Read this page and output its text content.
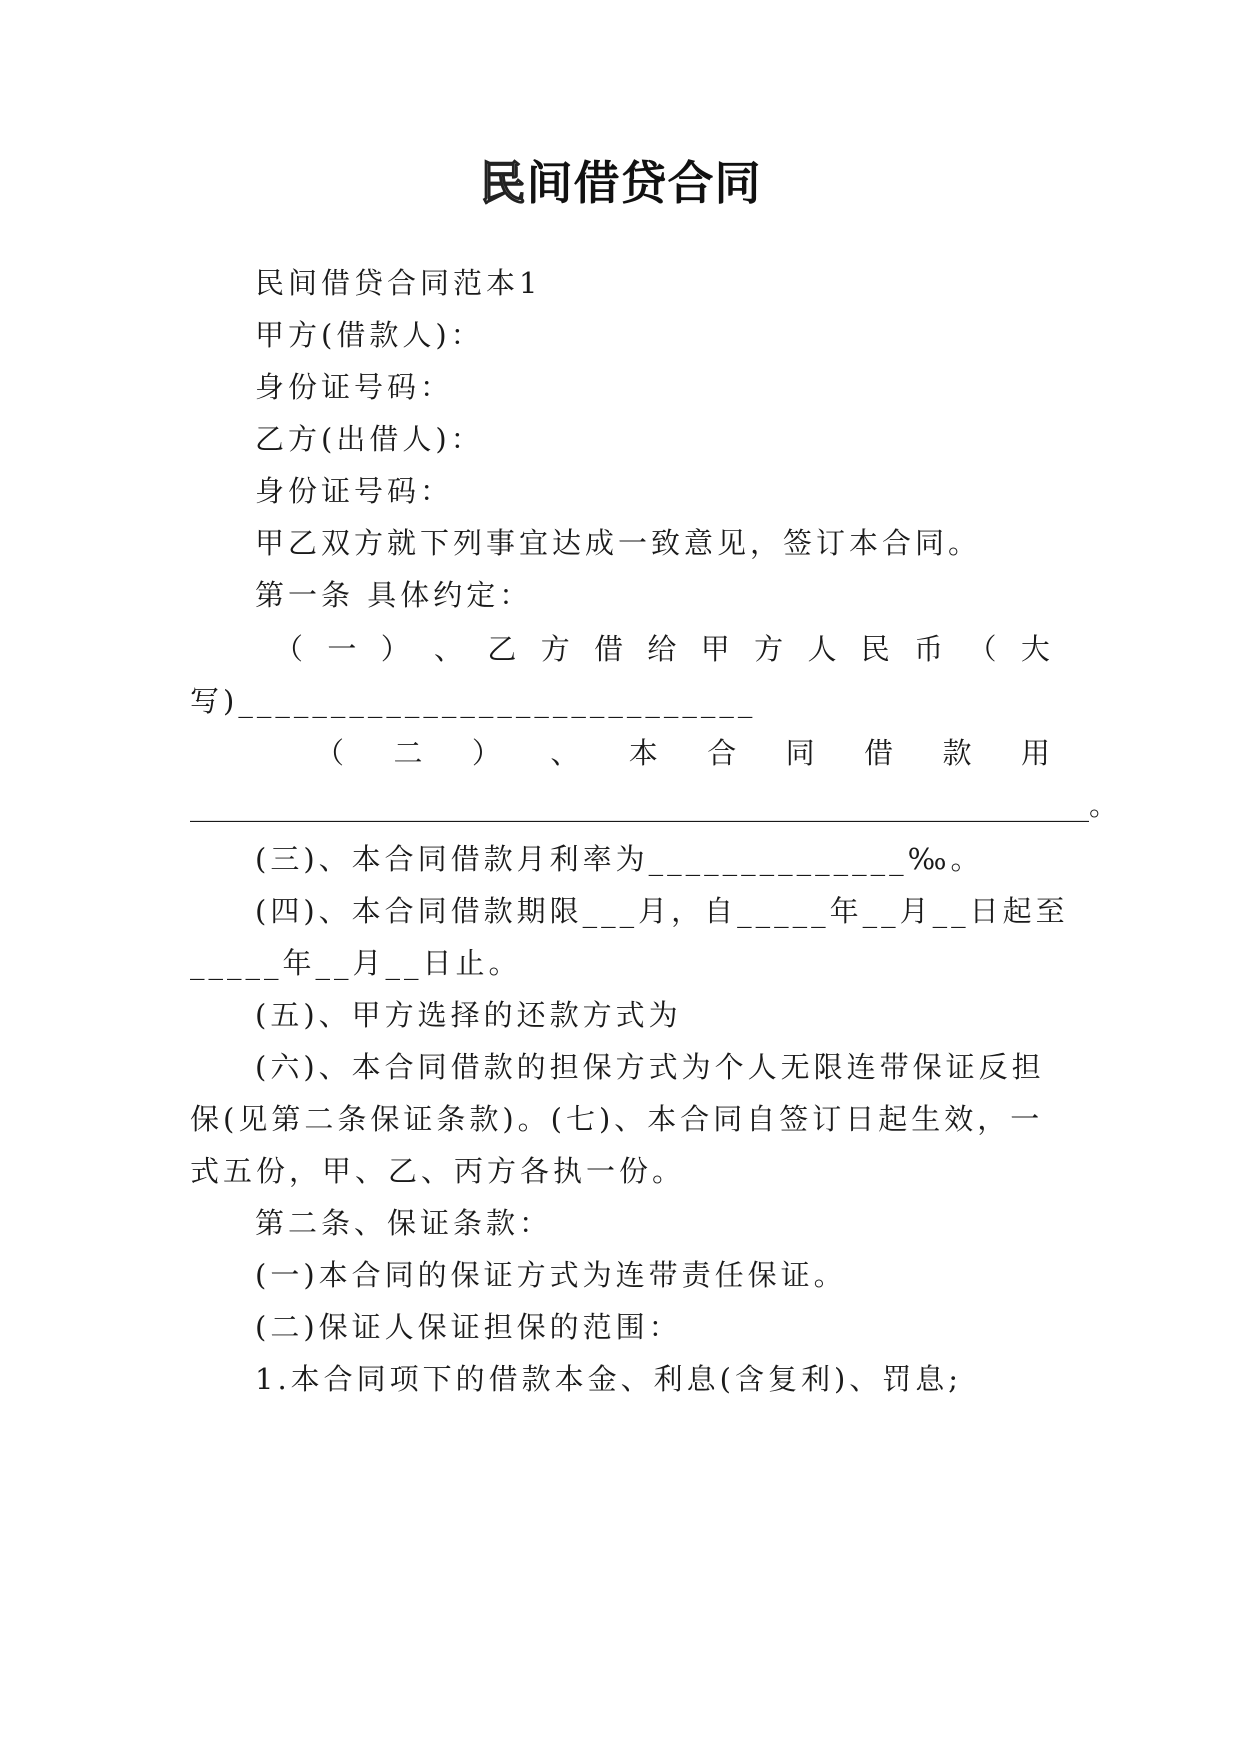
民间借贷合同
民间借贷合同范本1
甲方(借款人)：
身份证号码：
乙方(出借人)：
身份证号码：
甲乙双方就下列事宜达成一致意见，签订本合同。
第一条 具体约定：
（ 一 ） 、 乙 方 借 给 甲 方 人 民 币 （ 大
写)____________________________
（ 二 ） 、 本 合 同 借 款 用
______________________________________________________________。
(三)、本合同借款月利率为______________‰。
(四)、本合同借款期限___月，自_____年__月__日起至
_____年__月__日止。
(五)、甲方选择的还款方式为
(六)、本合同借款的担保方式为个人无限连带保证反担
保(见第二条保证条款)。(七)、本合同自签订日起生效，一
式五份，甲、乙、丙方各执一份。
第二条、保证条款：
(一)本合同的保证方式为连带责任保证。
(二)保证人保证担保的范围：
1.本合同项下的借款本金、利息(含复利)、罚息;
